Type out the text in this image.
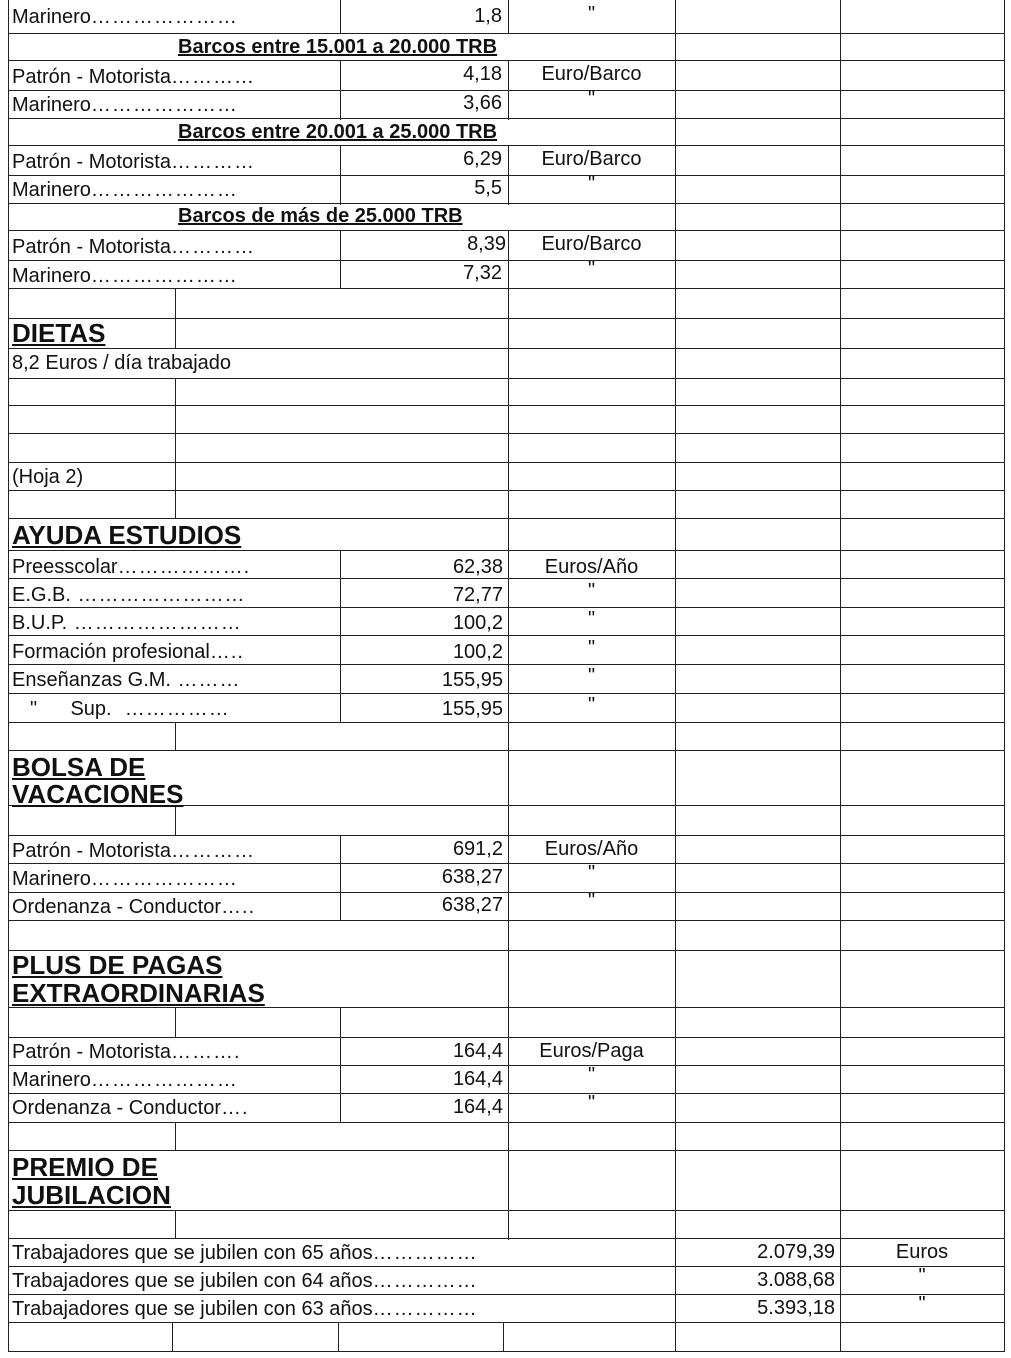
Marinero…………………	1,8	"
Barcos entre 15.001 a 20.000 TRB
Patrón - Motorista…………	4,18	Euro/Barco
Marinero…………………	3,66	"
Barcos entre 20.001 a 25.000 TRB
Patrón - Motorista…………	6,29	Euro/Barco
Marinero…………………	5,5	"
Barcos de más de 25.000 TRB
Patrón - Motorista…………	8,39	Euro/Barco
Marinero…………………	7,32	"
DIETAS
8,2 Euros / día trabajado
(Hoja 2)
AYUDA ESTUDIOS
Preesscolar……………….	62,38	Euros/Año
E.G.B. ……………………	72,77	"
B.U.P. ……………………	100,2	"
Formación profesional…..	100,2	"
Enseñanzas G.M. ………	155,95	"
"      Sup.  ……………	155,95	"
BOLSA DE
VACACIONES
Patrón - Motorista…………	691,2	Euros/Año
Marinero…………………	638,27	"
Ordenanza - Conductor…..	638,27	"
PLUS DE PAGAS
EXTRAORDINARIAS
Patrón - Motorista……….	164,4	Euros/Paga
Marinero…………………	164,4	"
Ordenanza - Conductor….	164,4	"
PREMIO DE
JUBILACION
Trabajadores que se jubilen con 65 años……………	2.079,39	Euros
Trabajadores que se jubilen con 64 años……………	3.088,68	"
Trabajadores que se jubilen con 63 años……………	5.393,18	"
